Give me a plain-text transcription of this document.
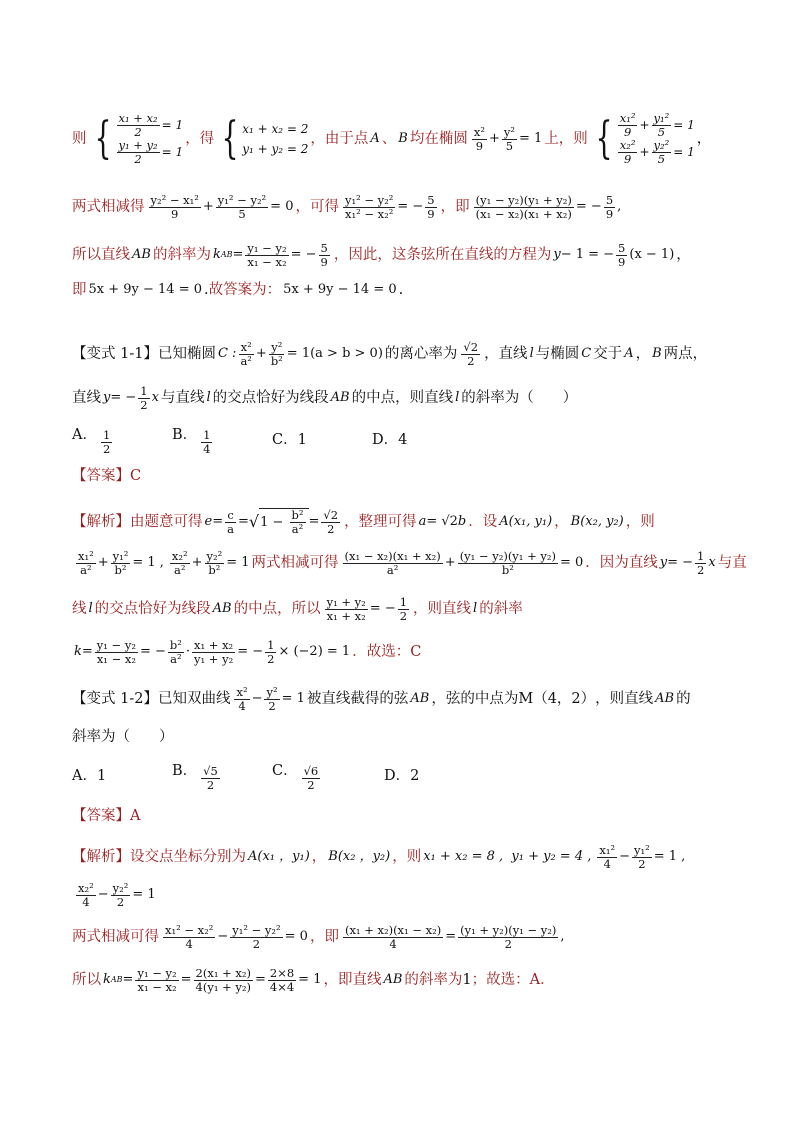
则 { $\frac{\text{x₁ + x₂}}{2} = 1$
$\frac{\text{y₁ + y₂}}{2} = 1$
，得 { x₁ + x₂ = 2
y₁ + y₂ = 2
，由于点 A 、 B 均在椭圆 $\frac{\text{x²}}{9} + \frac{\text{y²}}{5} = 1$ 上，则 { $\frac{\text{x₁²}}{9} + \frac{\text{y₁²}}{5} = 1$
$\frac{\text{x₂²}}{9} + \frac{\text{y₂²}}{5} = 1$
，
两式相减得 $\frac{\text{y₂² − x₁²}}{9} + \frac{\text{y₁² − y₂²}}{5} = 0$ ，可得 $\frac{\text{y₁² − y₂²}}{\text{x₁² − x₂²}}$ = − $\frac{5}{9}$ ，即 $\frac{\text{(y₁ − y₂)(y₁ + y₂)}}{\text{(x₁ − x₂)(x₁ + x₂)}}$ = − $\frac{5}{9}$ ,
所以直线 AB 的斜率为 k AB = $\frac{\text{y₁ − y₂}}{\text{x₁ − x₂}}$ = − $\frac{5}{9}$ ，因此，这条弦所在直线的方程为 y − 1 = − $\frac{5}{9} (x - 1)$ ，
即 5x + 9y − 14 = 0 . 故答案为： 5x + 9y − 14 = 0 .
【变式 1-1】 已知椭圆 C : $\frac{\text{x²}}{\text{a²}} + \frac{\text{y²}}{\text{b²}} = 1(a > b > 0)$ 的离心率为 $\frac{√2}{2}$ ，直线 l 与椭圆 C 交于 A ， B 两点，
直线 y = − $\frac{1}{2}$ x 与直线 l 的交点恰好为线段 AB 的中点，则直线 l 的斜率为（　　）
A． $\frac{1}{2}$	B． $\frac{1}{4}$	C．1	D．4
【答案】C
【解析】 由题意可得 $e = \frac{c}{a}$ = √ $1 - \frac{\text{b²}}{\text{a²}} = \frac{√2}{2}$ ，整理可得 a = √2 b ．设 A(x₁, y₁) ， B(x₂, y₂) ，则
$\frac{\text{x₁²}}{\text{a²}} + \frac{\text{y₁²}}{\text{b²}} = 1$ , $\frac{\text{x₂²}}{\text{a²}} + \frac{\text{y₂²}}{\text{b²}} = 1$ 两式相减可得 $\frac{\text{(x₁ − x₂)(x₁ + x₂)}}{\text{a²}} + \frac{\text{(y₁ − y₂)(y₁ + y₂)}}{\text{b²}} = 0$ ．因为直线 y = − $\frac{1}{2}$ x 与直
线 l 的交点恰好为线段 AB 的中点，所以 $\frac{\text{y₁ + y₂}}{\text{x₁ + x₂}}$ = − $\frac{1}{2}$ ，则直线 l 的斜率
$k = \frac{\text{y₁ − y₂}}{\text{x₁ − x₂}}$ = − $\frac{\text{b²}}{\text{a²}} \cdot \frac{\text{x₁ + x₂}}{\text{y₁ + y₂}}$ = − $\frac{1}{2} \times (-2) = 1$ ．故选： C
【变式 1-2】 已知双曲线 $\frac{\text{x²}}{4} - \frac{\text{y²}}{2} = 1$ 被直线截得的弦 AB ，弦的中点为 M（4，2） ，则直线 AB 的
斜率为（　　）
A．1	B． $\frac{√5}{2}$	C． $\frac{√6}{2}$	D．2
【答案】A
【解析】 设交点坐标分别为 A(x₁ ，y₁) ， B(x₂ ，y₂) ，则 x₁ + x₂ = 8 ,  y₁ + y₂ = 4 , $\frac{\text{x₁²}}{4} - \frac{\text{y₁²}}{2} = 1$ ,
$\frac{\text{x₂²}}{4} - \frac{\text{y₂²}}{2} = 1$
两式相减可得 $\frac{\text{x₁² − x₂²}}{4} - \frac{\text{y₁² − y₂²}}{2} = 0$ ，即 $\frac{\text{(x₁ + x₂)(x₁ − x₂)}}{4} = \frac{\text{(y₁ + y₂)(y₁ − y₂)}}{2}$ ,
所以 k AB = $\frac{\text{y₁ − y₂}}{\text{x₁ − x₂}} = \frac{\text{2(x₁ + x₂)}}{\text{4(y₁ + y₂)}} = \frac{2\times 8}{4\times 4} = 1$ ，即直线 AB 的斜率为 1 ；故选： A．
